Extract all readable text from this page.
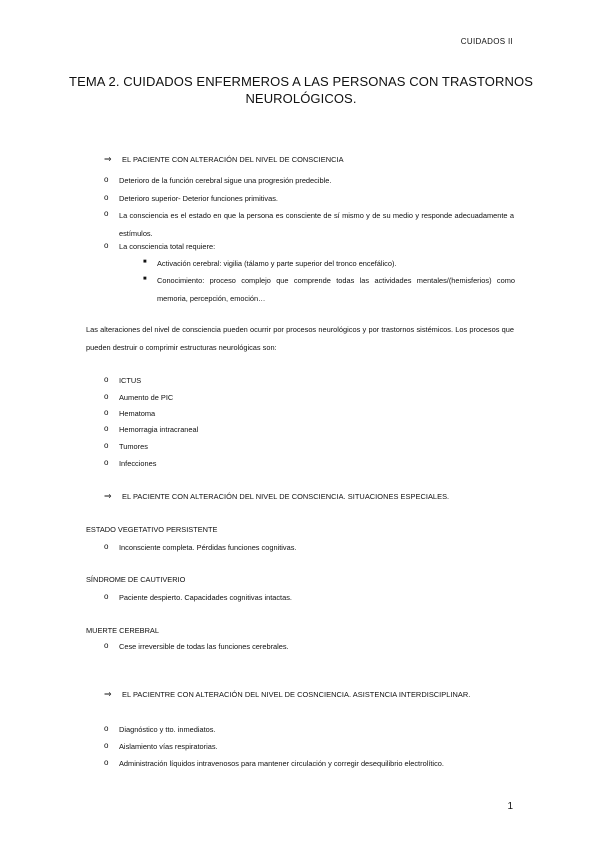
CUIDADOS II
TEMA 2. CUIDADOS ENFERMEROS A LAS PERSONAS CON TRASTORNOS NEUROLÓGICOS.
⇒ EL PACIENTE CON ALTERACIÓN DEL NIVEL DE CONSCIENCIA
o Deterioro de la función cerebral sigue una progresión predecible.
o Deterioro superior- Deterior funciones primitivas.
o La consciencia es el estado en que la persona es consciente de sí mismo y de su medio y responde adecuadamente a estímulos.
o La consciencia total requiere:
■ Activación cerebral: vigilia (tálamo y parte superior del tronco encefálico).
■ Conocimiento: proceso complejo que comprende todas las actividades mentales/(hemisferios) como memoria, percepción, emoción…
Las alteraciones del nivel de consciencia pueden ocurrir por procesos neurológicos y por trastornos sistémicos. Los procesos que pueden destruir o comprimir estructuras neurológicas son:
o ICTUS
o Aumento de PIC
o Hematoma
o Hemorragia intracraneal
o Tumores
o Infecciones
⇒ EL PACIENTE CON ALTERACIÓN DEL NIVEL DE CONSCIENCIA. SITUACIONES ESPECIALES.
ESTADO VEGETATIVO PERSISTENTE
o Inconsciente completa. Pérdidas funciones cognitivas.
SÍNDROME DE CAUTIVERIO
o Paciente despierto. Capacidades cognitivas intactas.
MUERTE CEREBRAL
o Cese irreversible de todas las funciones cerebrales.
⇒ EL PACIENTRE CON ALTERACIÓN DEL NIVEL DE COSNCIENCIA. ASISTENCIA INTERDISCIPLINAR.
o Diagnóstico y tto. inmediatos.
o Aislamiento vías respiratorias.
o Administración líquidos intravenosos para mantener circulación y corregir desequilibrio electrolítico.
1
